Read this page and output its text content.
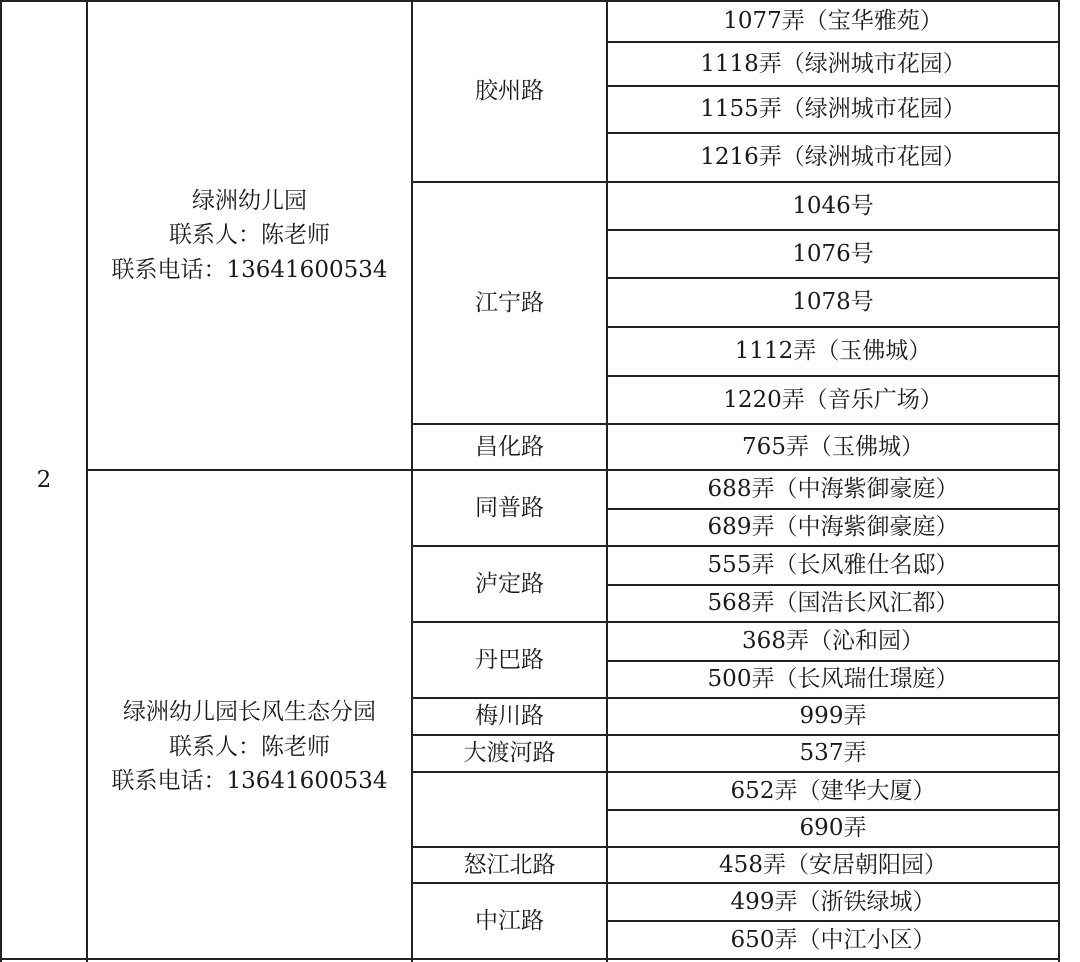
2
绿洲幼儿园
联系人：陈老师
联系电话：13641600534
绿洲幼儿园长风生态分园
联系人：陈老师
联系电话：13641600534
胶州路
江宁路
昌化路
同普路
泸定路
丹巴路
梅川路
大渡河路
怒江北路
中江路
1077弄（宝华雅苑）
1118弄（绿洲城市花园）
1155弄（绿洲城市花园）
1216弄（绿洲城市花园）
1046号
1076号
1078号
1112弄（玉佛城）
1220弄（音乐广场）
765弄（玉佛城）
688弄（中海紫御豪庭）
689弄（中海紫御豪庭）
555弄（长风雅仕名邸）
568弄（国浩长风汇都）
368弄（沁和园）
500弄（长风瑞仕璟庭）
999弄
537弄
652弄（建华大厦）
690弄
458弄（安居朝阳园）
499弄（浙铁绿城）
650弄（中江小区）
